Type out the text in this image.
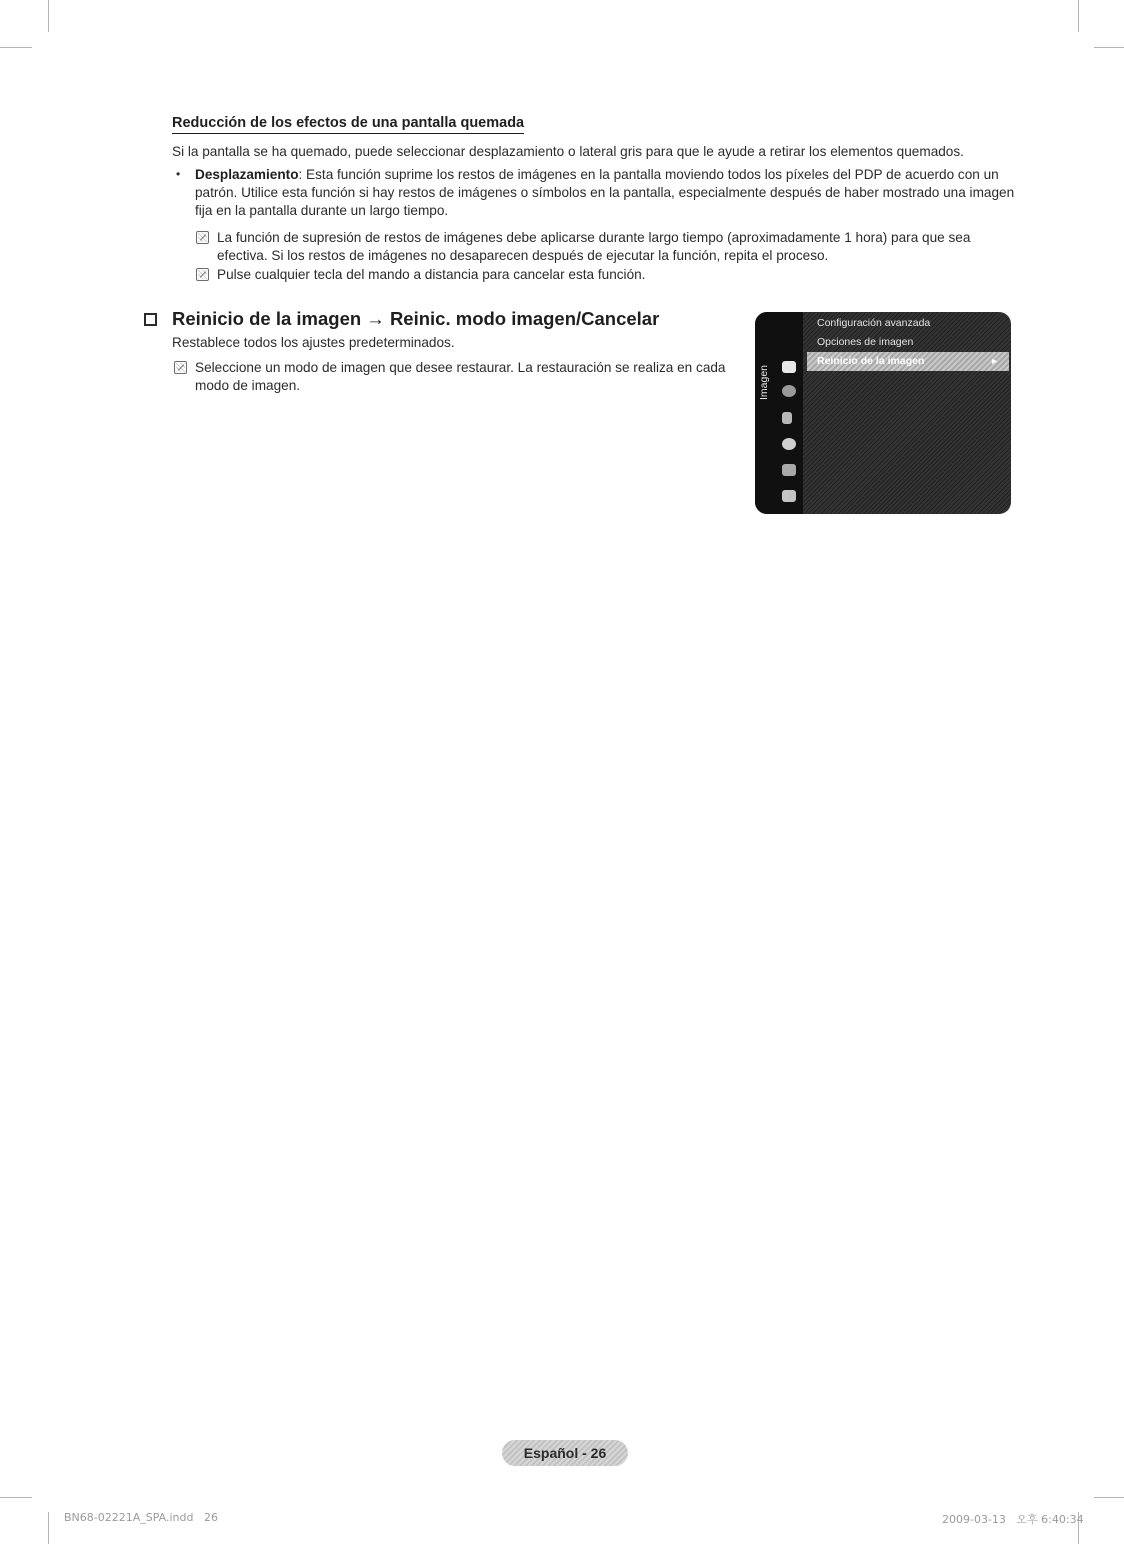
Reducción de los efectos de una pantalla quemada

Si la pantalla se ha quemado, puede seleccionar desplazamiento o lateral gris para que le ayude a retirar los elementos quemados.

• Desplazamiento: Esta función suprime los restos de imágenes en la pantalla moviendo todos los píxeles del PDP de acuerdo con un patrón. Utilice esta función si hay restos de imágenes o símbolos en la pantalla, especialmente después de haber mostrado una imagen fija en la pantalla durante un largo tiempo.

La función de supresión de restos de imágenes debe aplicarse durante largo tiempo (aproximadamente 1 hora) para que sea efectiva. Si los restos de imágenes no desaparecen después de ejecutar la función, repita el proceso.

Pulse cualquier tecla del mando a distancia para cancelar esta función.

Reinicio de la imagen → Reinic. modo imagen/Cancelar

Restablece todos los ajustes predeterminados.

Seleccione un modo de imagen que desee restaurar. La restauración se realiza en cada modo de imagen.	Imagen
Configuración avanzada
Opciones de imagen
Reinicio de la imagen	►
Español - 26
BN68-02221A_SPA.indd   26	2009-03-13   오후 6:40:34
